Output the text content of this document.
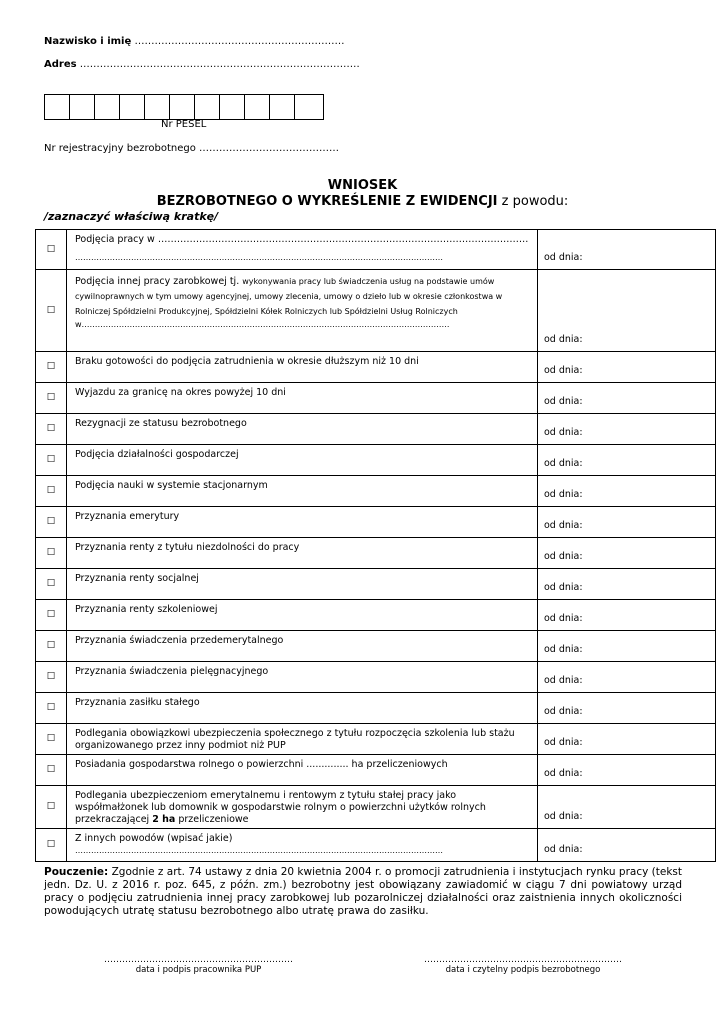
Nazwisko i imię ………………………………………………………
Adres …………………………………………………………………………
Nr PESEL
Nr rejestracyjny bezrobotnego ……………………………………
WNIOSEK
BEZROBOTNEGO O WYKREŚLENIE Z EWIDENCJI z powodu:
/zaznaczyć właściwą kratkę/
☐	Podjęcia pracy w ………………………………………………………………………………………………………
…………………………………………………………………………………………………………………………	od dnia:

☐	Podjęcia innej pracy zarobkowej tj. wykonywania pracy lub świadczenia usług na podstawie umów cywilnoprawnych w tym umowy agencyjnej, umowy zlecenia, umowy o dzieło lub w okresie członkostwa w Rolniczej Spółdzielni Produkcyjnej, Spółdzielni Kółek Rolniczych lub Spółdzielni Usług Rolniczych
w…………………………………………………………………………………………………………………………	od dnia:

☐	Braku gotowości do podjęcia zatrudnienia w okresie dłuższym niż 10 dni	od dnia:

☐	Wyjazdu za granicę na okres powyżej 10 dni	od dnia:

☐	Rezygnacji ze statusu bezrobotnego	od dnia:

☐	Podjęcia działalności gospodarczej	od dnia:

☐	Podjęcia nauki w systemie stacjonarnym	od dnia:

☐	Przyznania emerytury	od dnia:

☐	Przyznania renty z tytułu niezdolności do pracy	od dnia:

☐	Przyznania renty socjalnej	od dnia:

☐	Przyznania renty szkoleniowej	od dnia:

☐	Przyznania świadczenia przedemerytalnego	od dnia:

☐	Przyznania świadczenia pielęgnacyjnego	od dnia:

☐	Przyznania zasiłku stałego	od dnia:

☐	Podlegania obowiązkowi ubezpieczenia społecznego z tytułu rozpoczęcia szkolenia lub stażu organizowanego przez inny podmiot niż PUP	od dnia:

☐	Posiadania gospodarstwa rolnego o powierzchni .............. ha przeliczeniowych	od dnia:

☐	Podlegania ubezpieczeniom emerytalnemu i rentowym z tytułu stałej pracy jako współmałżonek lub domownik w gospodarstwie rolnym o powierzchni użytków rolnych przekraczającej 2 ha przeliczeniowe	od dnia:

☐	Z innych powodów (wpisać jakie)
…………………………………………………………………………………………………………………………	od dnia:
Pouczenie: Zgodnie z art. 74 ustawy z dnia 20 kwietnia 2004 r. o promocji zatrudnienia i instytucjach rynku pracy (tekst jedn. Dz. U. z 2016 r. poz. 645, z późn. zm.) bezrobotny jest obowiązany zawiadomić w ciągu 7 dni powiatowy urząd pracy o podjęciu zatrudnienia innej pracy zarobkowej lub pozarolniczej działalności oraz zaistnienia innych okoliczności powodujących utratę statusu bezrobotnego albo utratę prawa do zasiłku.
………………………………………………………
data i podpis pracownika PUP
…………………………………………………………
data i czytelny podpis bezrobotnego
